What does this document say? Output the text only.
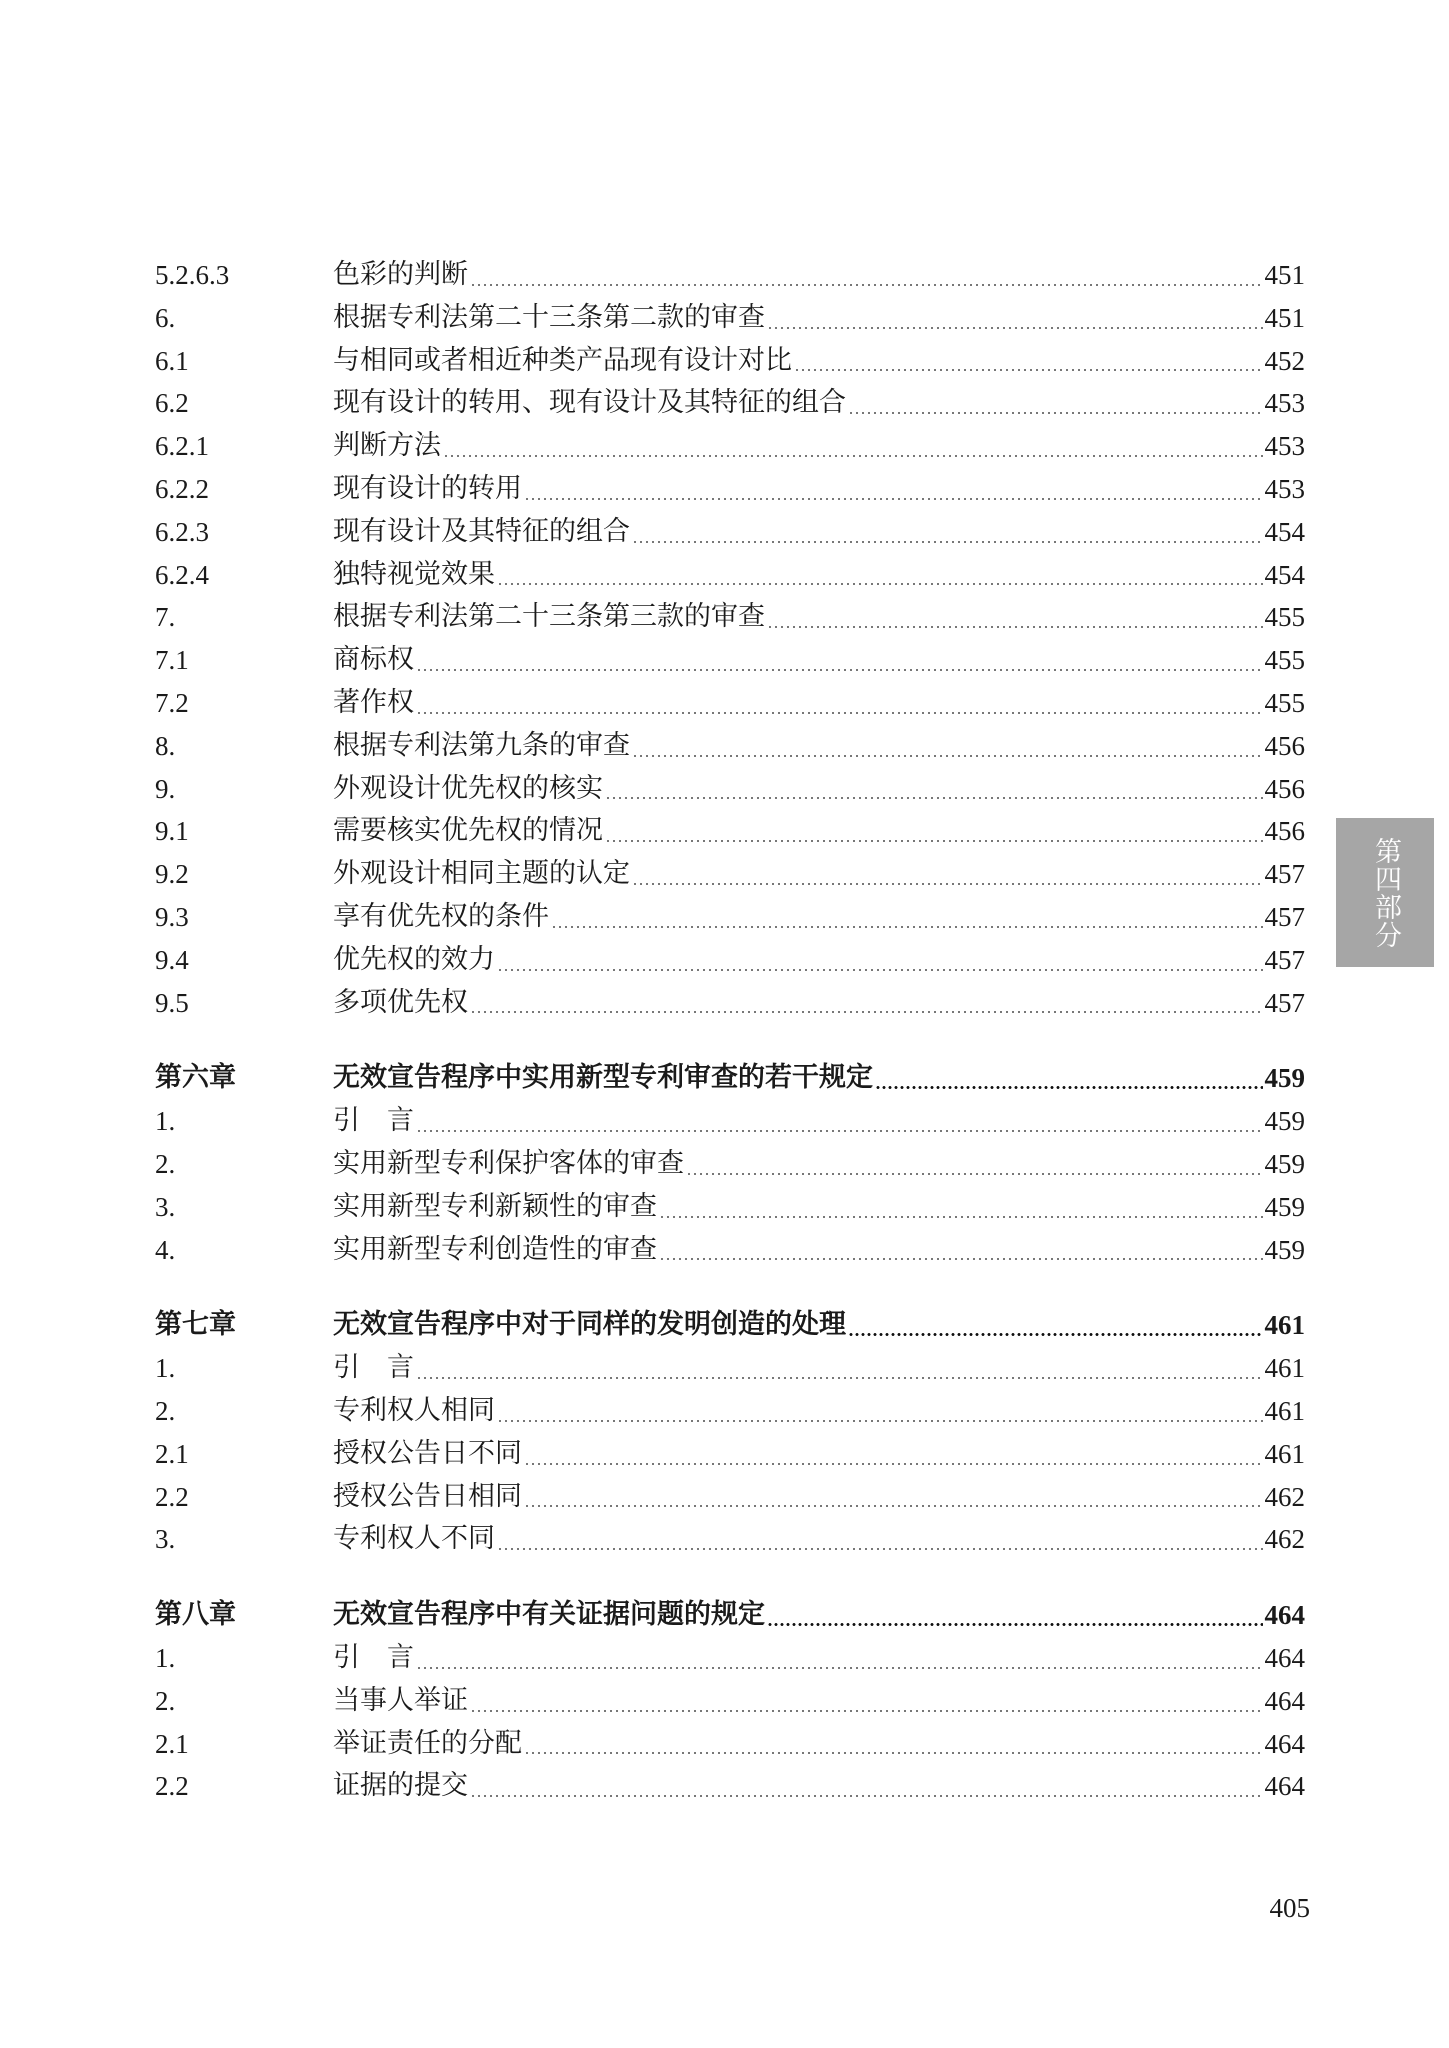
5.2.6.3	色彩的判断	451
6.	根据专利法第二十三条第二款的审查	451
6.1	与相同或者相近种类产品现有设计对比	452
6.2	现有设计的转用、现有设计及其特征的组合	453
6.2.1	判断方法	453
6.2.2	现有设计的转用	453
6.2.3	现有设计及其特征的组合	454
6.2.4	独特视觉效果	454
7.	根据专利法第二十三条第三款的审查	455
7.1	商标权	455
7.2	著作权	455
8.	根据专利法第九条的审查	456
9.	外观设计优先权的核实	456
9.1	需要核实优先权的情况	456
9.2	外观设计相同主题的认定	457
9.3	享有优先权的条件	457
9.4	优先权的效力	457
9.5	多项优先权	457
第六章	无效宣告程序中实用新型专利审查的若干规定	459
1.	引　言	459
2.	实用新型专利保护客体的审查	459
3.	实用新型专利新颖性的审查	459
4.	实用新型专利创造性的审查	459
第七章	无效宣告程序中对于同样的发明创造的处理	461
1.	引　言	461
2.	专利权人相同	461
2.1	授权公告日不同	461
2.2	授权公告日相同	462
3.	专利权人不同	462
第八章	无效宣告程序中有关证据问题的规定	464
1.	引　言	464
2.	当事人举证	464
2.1	举证责任的分配	464
2.2	证据的提交	464
第四部分
405
